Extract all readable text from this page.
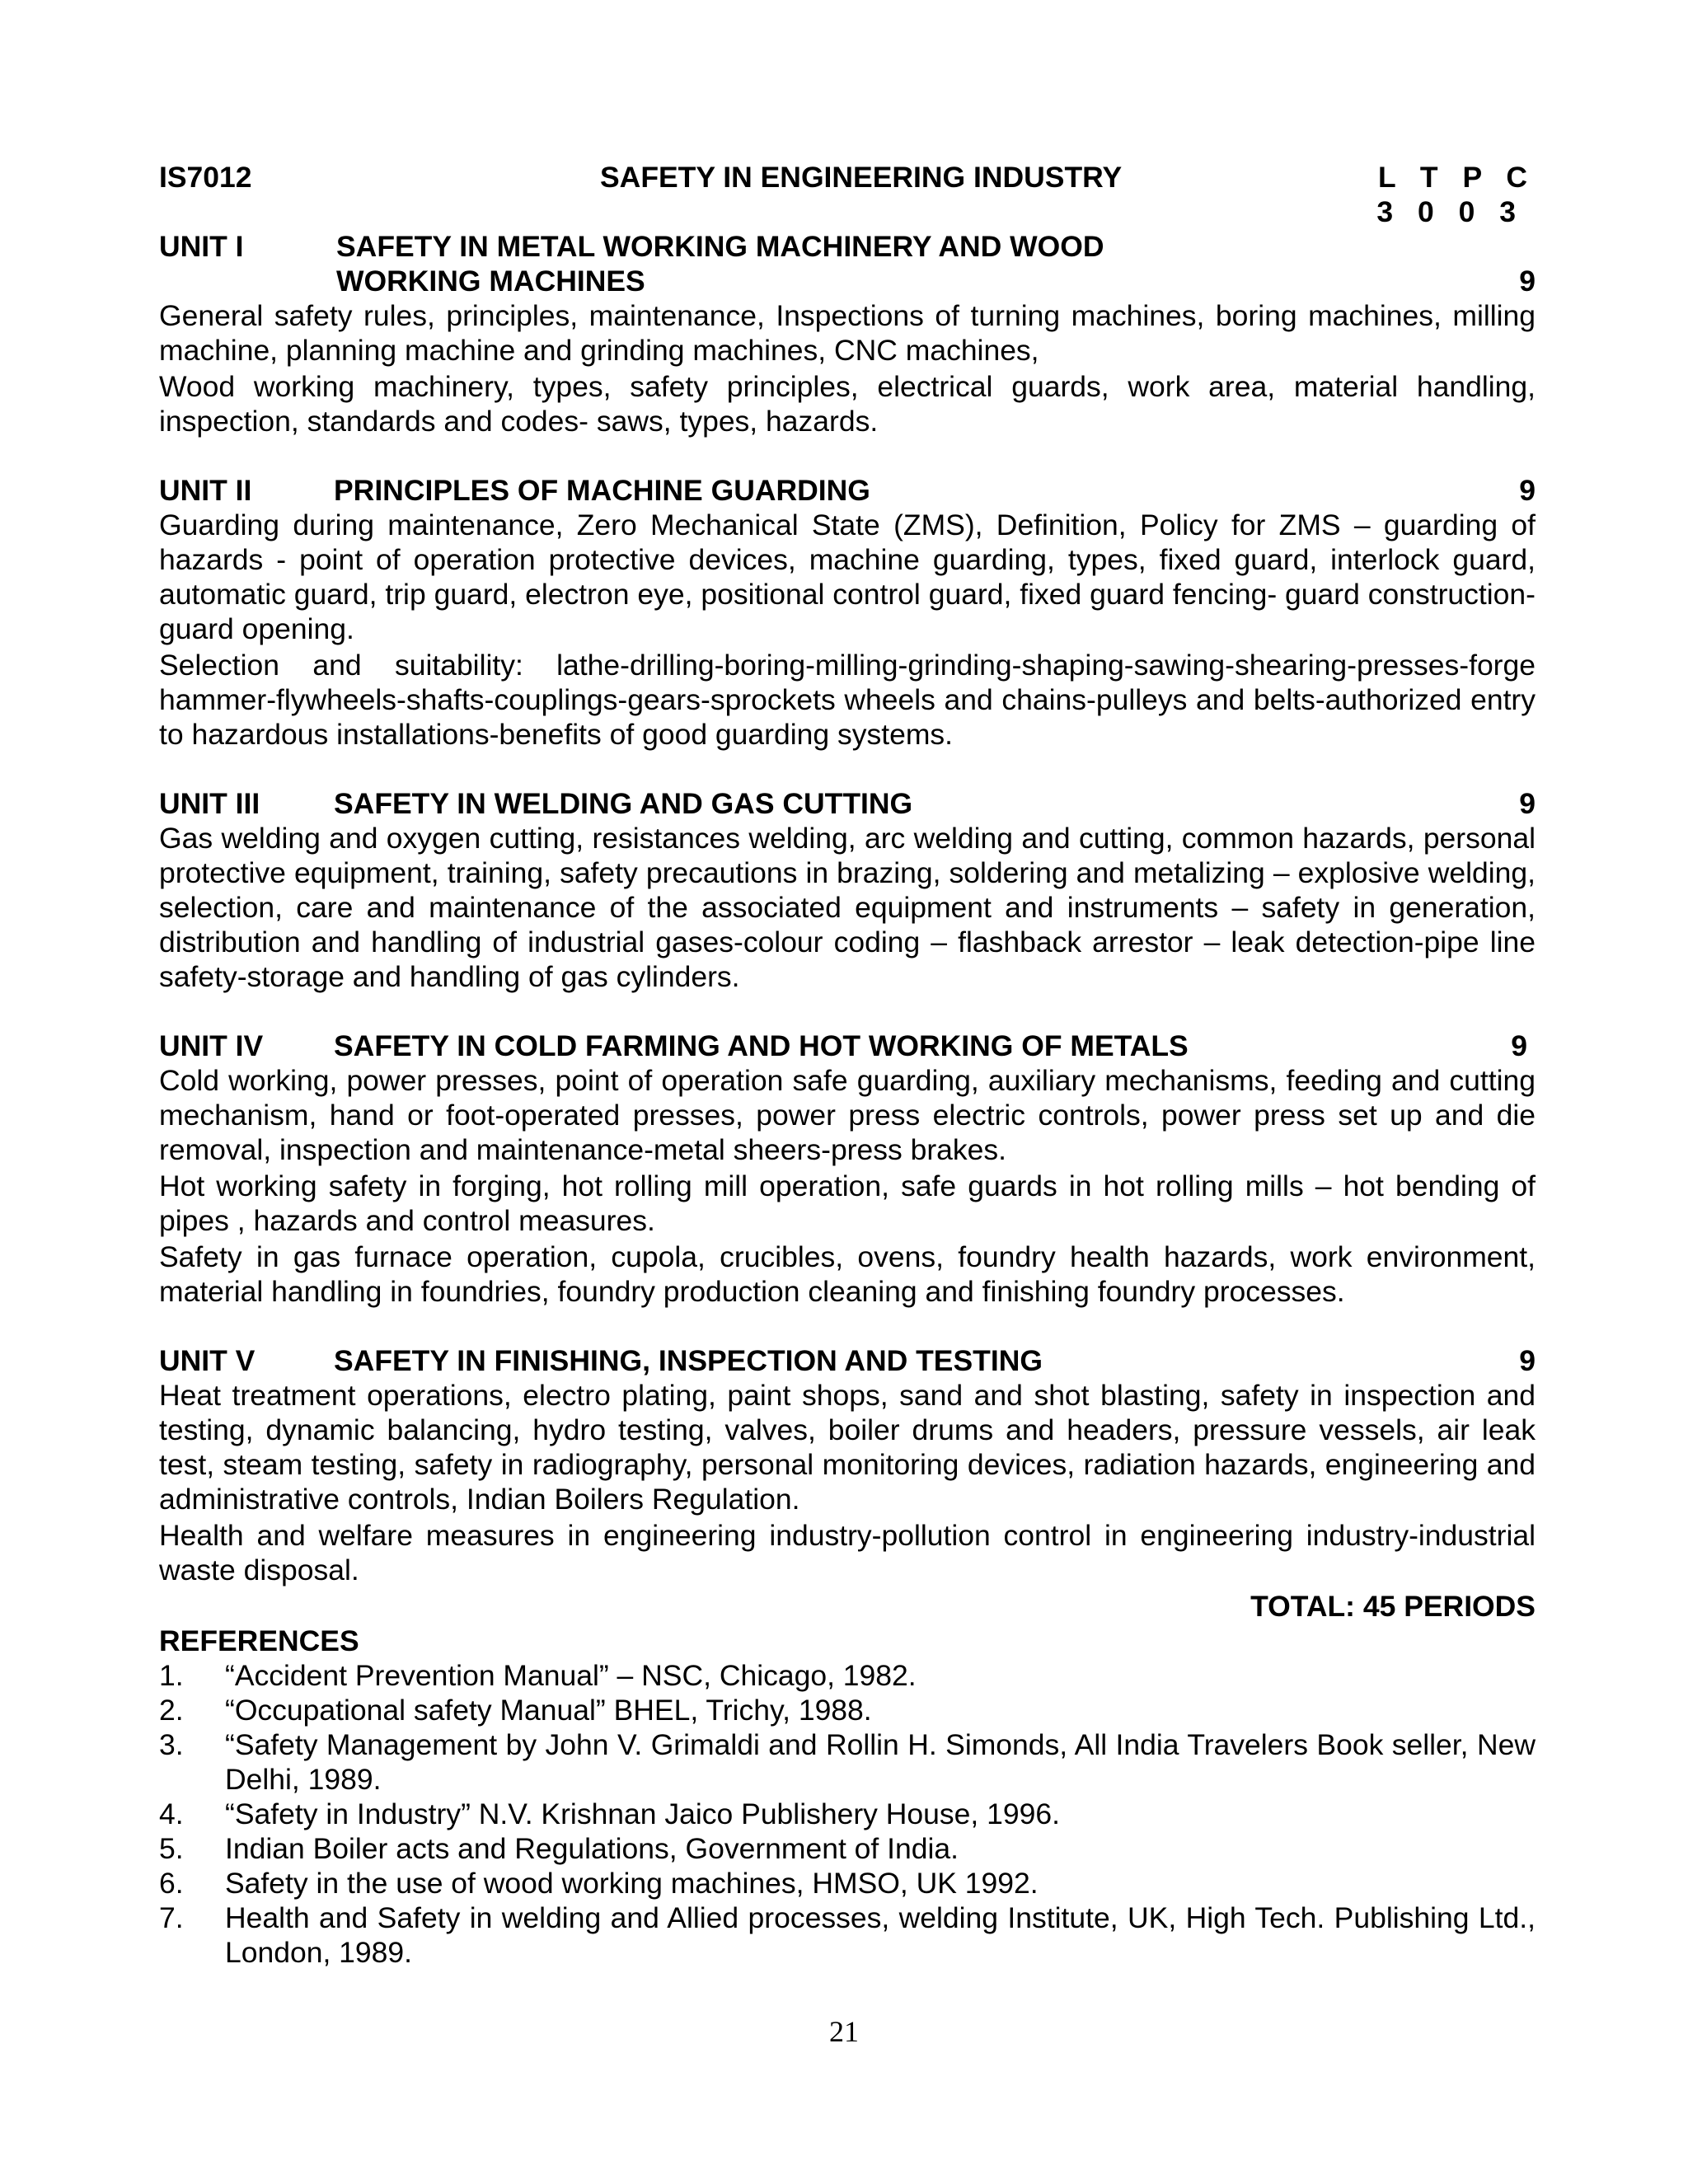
IS7012	SAFETY IN ENGINEERING INDUSTRY	L T P C
3 0 0 3
UNIT I	SAFETY IN METAL WORKING MACHINERY AND WOOD
WORKING MACHINES	9

General safety rules, principles, maintenance, Inspections of turning machines, boring machines, milling machine, planning machine and grinding machines, CNC machines,

Wood working machinery, types, safety principles, electrical guards, work area, material handling, inspection, standards and codes- saws, types, hazards.

UNIT II	PRINCIPLES OF MACHINE GUARDING	9

Guarding during maintenance, Zero Mechanical State (ZMS), Definition, Policy for ZMS – guarding of hazards - point of operation protective devices, machine guarding, types, fixed guard, interlock guard, automatic guard, trip guard, electron eye, positional control guard, fixed guard fencing- guard construction- guard opening.

Selection and suitability: lathe-drilling-boring-milling-grinding-shaping-sawing-shearing-presses-forge hammer-flywheels-shafts-couplings-gears-sprockets wheels and chains-pulleys and belts-authorized entry to hazardous installations-benefits of good guarding systems.

UNIT III	SAFETY IN WELDING AND GAS CUTTING	9

Gas welding and oxygen cutting, resistances welding, arc welding and cutting, common hazards, personal protective equipment, training, safety precautions in brazing, soldering and metalizing – explosive welding, selection, care and maintenance of the associated equipment and instruments – safety in generation, distribution and handling of industrial gases-colour coding – flashback arrestor – leak detection-pipe line safety-storage and handling of gas cylinders.

UNIT IV SAFETY IN COLD FARMING AND HOT WORKING OF METALS	9

Cold working, power presses, point of operation safe guarding, auxiliary mechanisms, feeding and cutting mechanism, hand or foot-operated presses, power press electric controls, power press set up and die removal, inspection and maintenance-metal sheers-press brakes.

Hot working safety in forging, hot rolling mill operation, safe guards in hot rolling mills – hot bending of pipes , hazards and control measures.

Safety in gas furnace operation, cupola, crucibles, ovens, foundry health hazards, work environment, material handling in foundries, foundry production cleaning and finishing foundry processes.

UNIT V	SAFETY IN FINISHING, INSPECTION AND TESTING	9

Heat treatment operations, electro plating, paint shops, sand and shot blasting, safety in inspection and testing, dynamic balancing, hydro testing, valves, boiler drums and headers, pressure vessels, air leak test, steam testing, safety in radiography, personal monitoring devices, radiation hazards, engineering and administrative controls, Indian Boilers Regulation.

Health and welfare measures in engineering industry-pollution control in engineering industry-industrial waste disposal.

TOTAL: 45 PERIODS
REFERENCES
1. “Accident Prevention Manual” – NSC, Chicago, 1982.
2. “Occupational safety Manual” BHEL, Trichy, 1988.
3. “Safety Management by John V. Grimaldi and Rollin H. Simonds, All India Travelers Book seller, New Delhi, 1989.
4. “Safety in Industry” N.V. Krishnan Jaico Publishery House, 1996.
5. Indian Boiler acts and Regulations, Government of India.
6. Safety in the use of wood working machines, HMSO, UK 1992.
7. Health and Safety in welding and Allied processes, welding Institute, UK, High Tech. Publishing Ltd., London, 1989.
21
